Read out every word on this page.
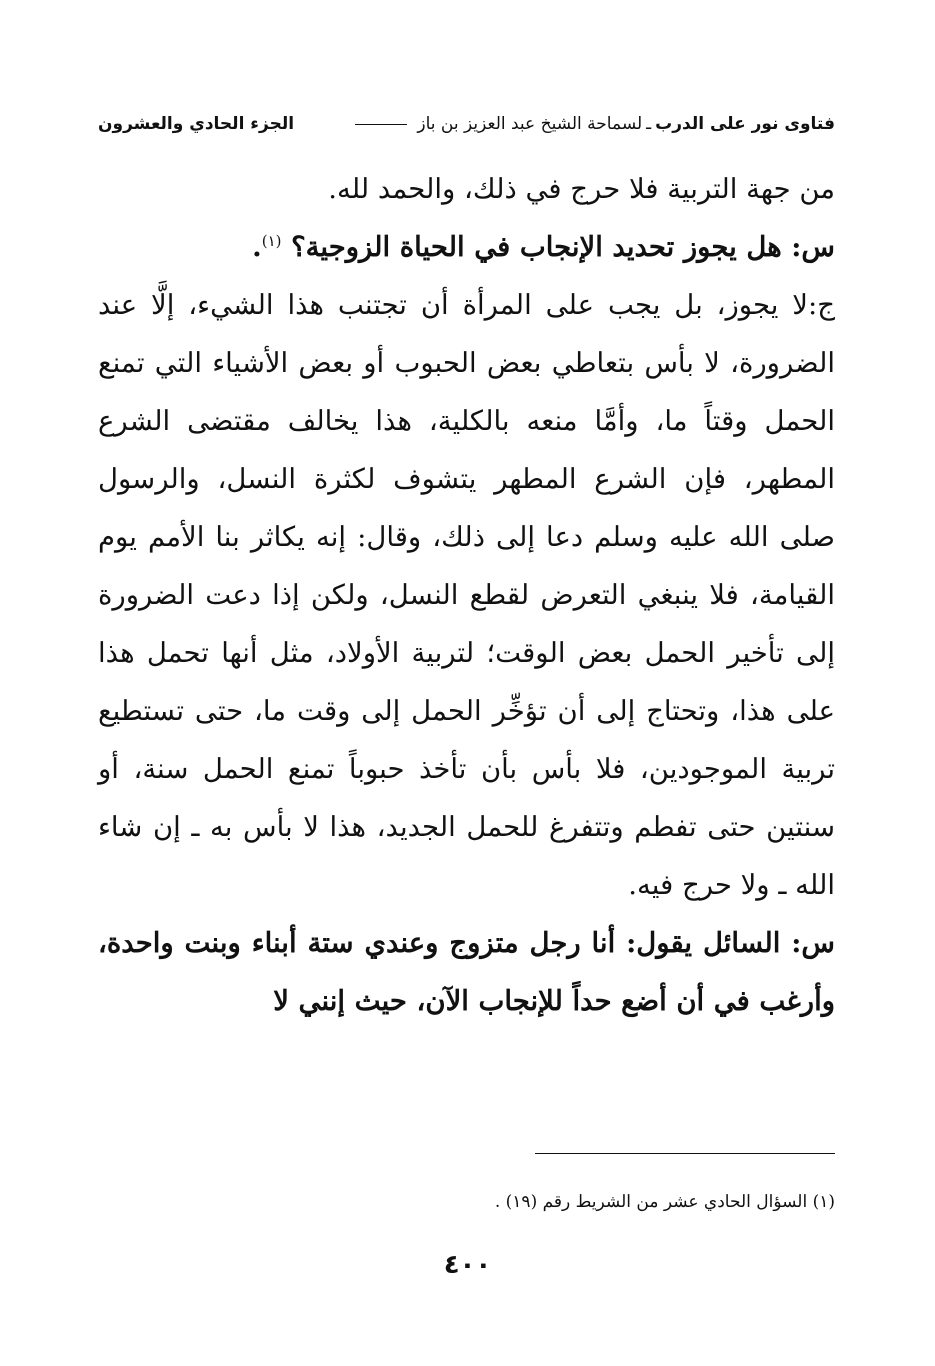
فتاوى نور على الدرب
ـ
لسماحة الشيخ عبد العزيز بن باز
الجزء الحادي والعشرون

من جهة التربية فلا حرج في ذلك، والحمد لله.

س: هل يجوز تحديد الإنجاب في الحياة الزوجية؟ $^{(١)}$.

ج:لا يجوز، بل يجب على المرأة أن تجتنب هذا الشيء، إلَّا عند الضرورة، لا بأس بتعاطي بعض الحبوب أو بعض الأشياء التي تمنع الحمل وقتاً ما، وأمَّا منعه بالكلية، هذا يخالف مقتضى الشرع المطهر، فإن الشرع المطهر يتشوف لكثرة النسل، والرسول صلى الله عليه وسلم دعا إلى ذلك، وقال: إنه يكاثر بنا الأمم يوم القيامة، فلا ينبغي التعرض لقطع النسل، ولكن إذا دعت الضرورة إلى تأخير الحمل بعض الوقت؛ لتربية الأولاد، مثل أنها تحمل هذا على هذا، وتحتاج إلى أن تؤخِّر الحمل إلى وقت ما، حتى تستطيع تربية الموجودين، فلا بأس بأن تأخذ حبوباً تمنع الحمل سنة، أو سنتين حتى تفطم وتتفرغ للحمل الجديد، هذا لا بأس به ـ إن شاء الله ـ ولا حرج فيه.

س: السائل يقول: أنا رجل متزوج وعندي ستة أبناء وبنت واحدة، وأرغب في أن أضع حداً للإنجاب الآن، حيث إنني لا

(١) السؤال الحادي عشر من الشريط رقم (١٩) .
٤٠٠
